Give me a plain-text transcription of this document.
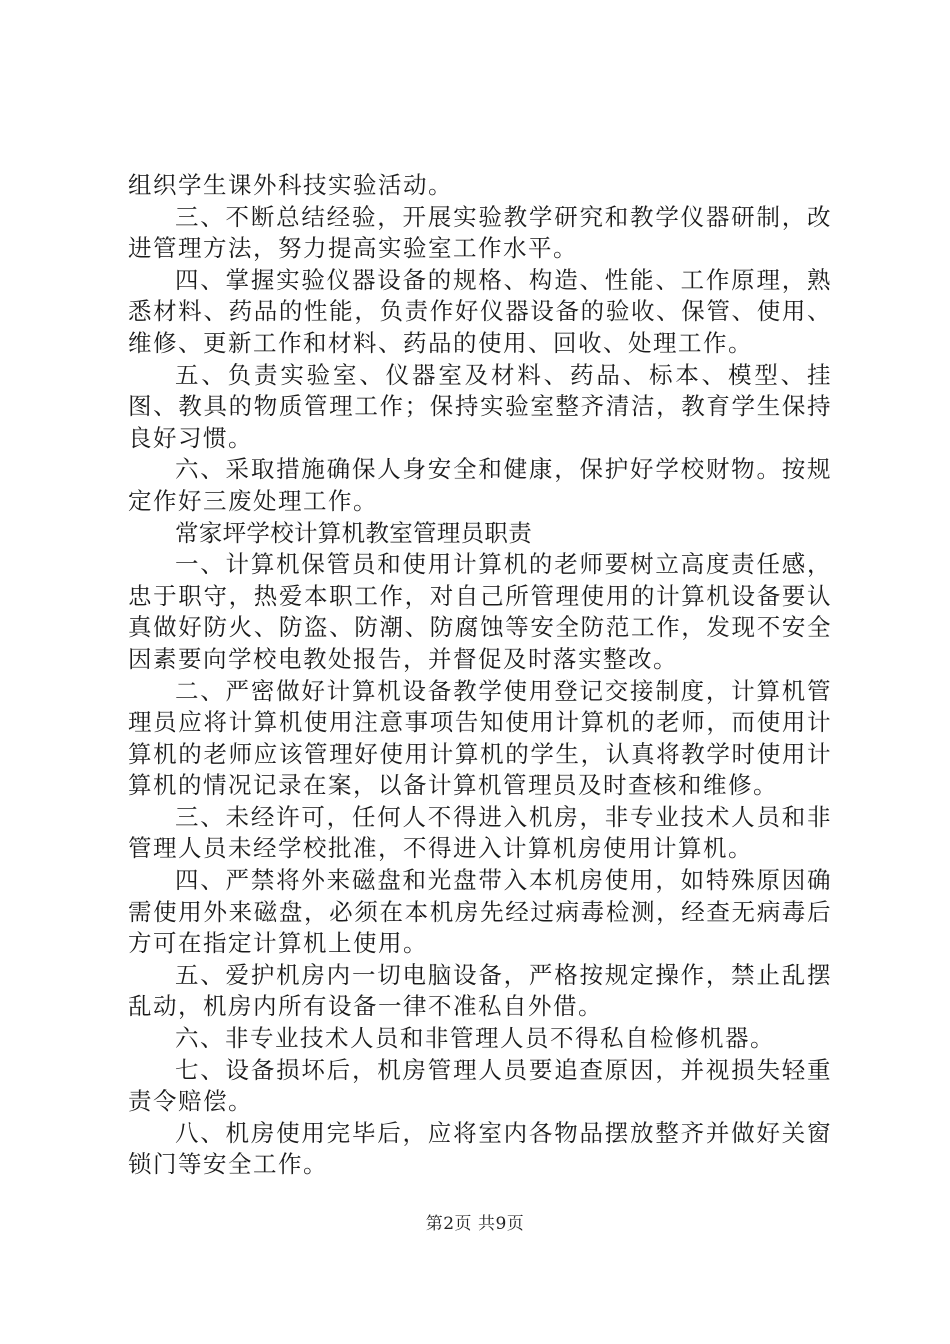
组织学生课外科技实验活动。

三、不断总结经验，开展实验教学研究和教学仪器研制，改进管理方法，努力提高实验室工作水平。

四、掌握实验仪器设备的规格、构造、性能、工作原理，熟悉材料、药品的性能，负责作好仪器设备的验收、保管、使用、维修、更新工作和材料、药品的使用、回收、处理工作。

五、负责实验室、仪器室及材料、药品、标本、模型、挂图、教具的物质管理工作；保持实验室整齐清洁，教育学生保持良好习惯。

六、采取措施确保人身安全和健康，保护好学校财物。按规定作好三废处理工作。

常家坪学校计算机教室管理员职责

一、计算机保管员和使用计算机的老师要树立高度责任感，忠于职守，热爱本职工作，对自己所管理使用的计算机设备要认真做好防火、防盗、防潮、防腐蚀等安全防范工作，发现不安全因素要向学校电教处报告，并督促及时落实整改。

二、严密做好计算机设备教学使用登记交接制度，计算机管理员应将计算机使用注意事项告知使用计算机的老师，而使用计算机的老师应该管理好使用计算机的学生，认真将教学时使用计算机的情况记录在案，以备计算机管理员及时查核和维修。

三、未经许可，任何人不得进入机房，非专业技术人员和非管理人员未经学校批准，不得进入计算机房使用计算机。

四、严禁将外来磁盘和光盘带入本机房使用，如特殊原因确需使用外来磁盘，必须在本机房先经过病毒检测，经查无病毒后方可在指定计算机上使用。

五、爱护机房内一切电脑设备，严格按规定操作，禁止乱摆乱动，机房内所有设备一律不准私自外借。

六、非专业技术人员和非管理人员不得私自检修机器。

七、设备损坏后，机房管理人员要追查原因，并视损失轻重责令赔偿。

八、机房使用完毕后，应将室内各物品摆放整齐并做好关窗锁门等安全工作。

第2页 共9页
